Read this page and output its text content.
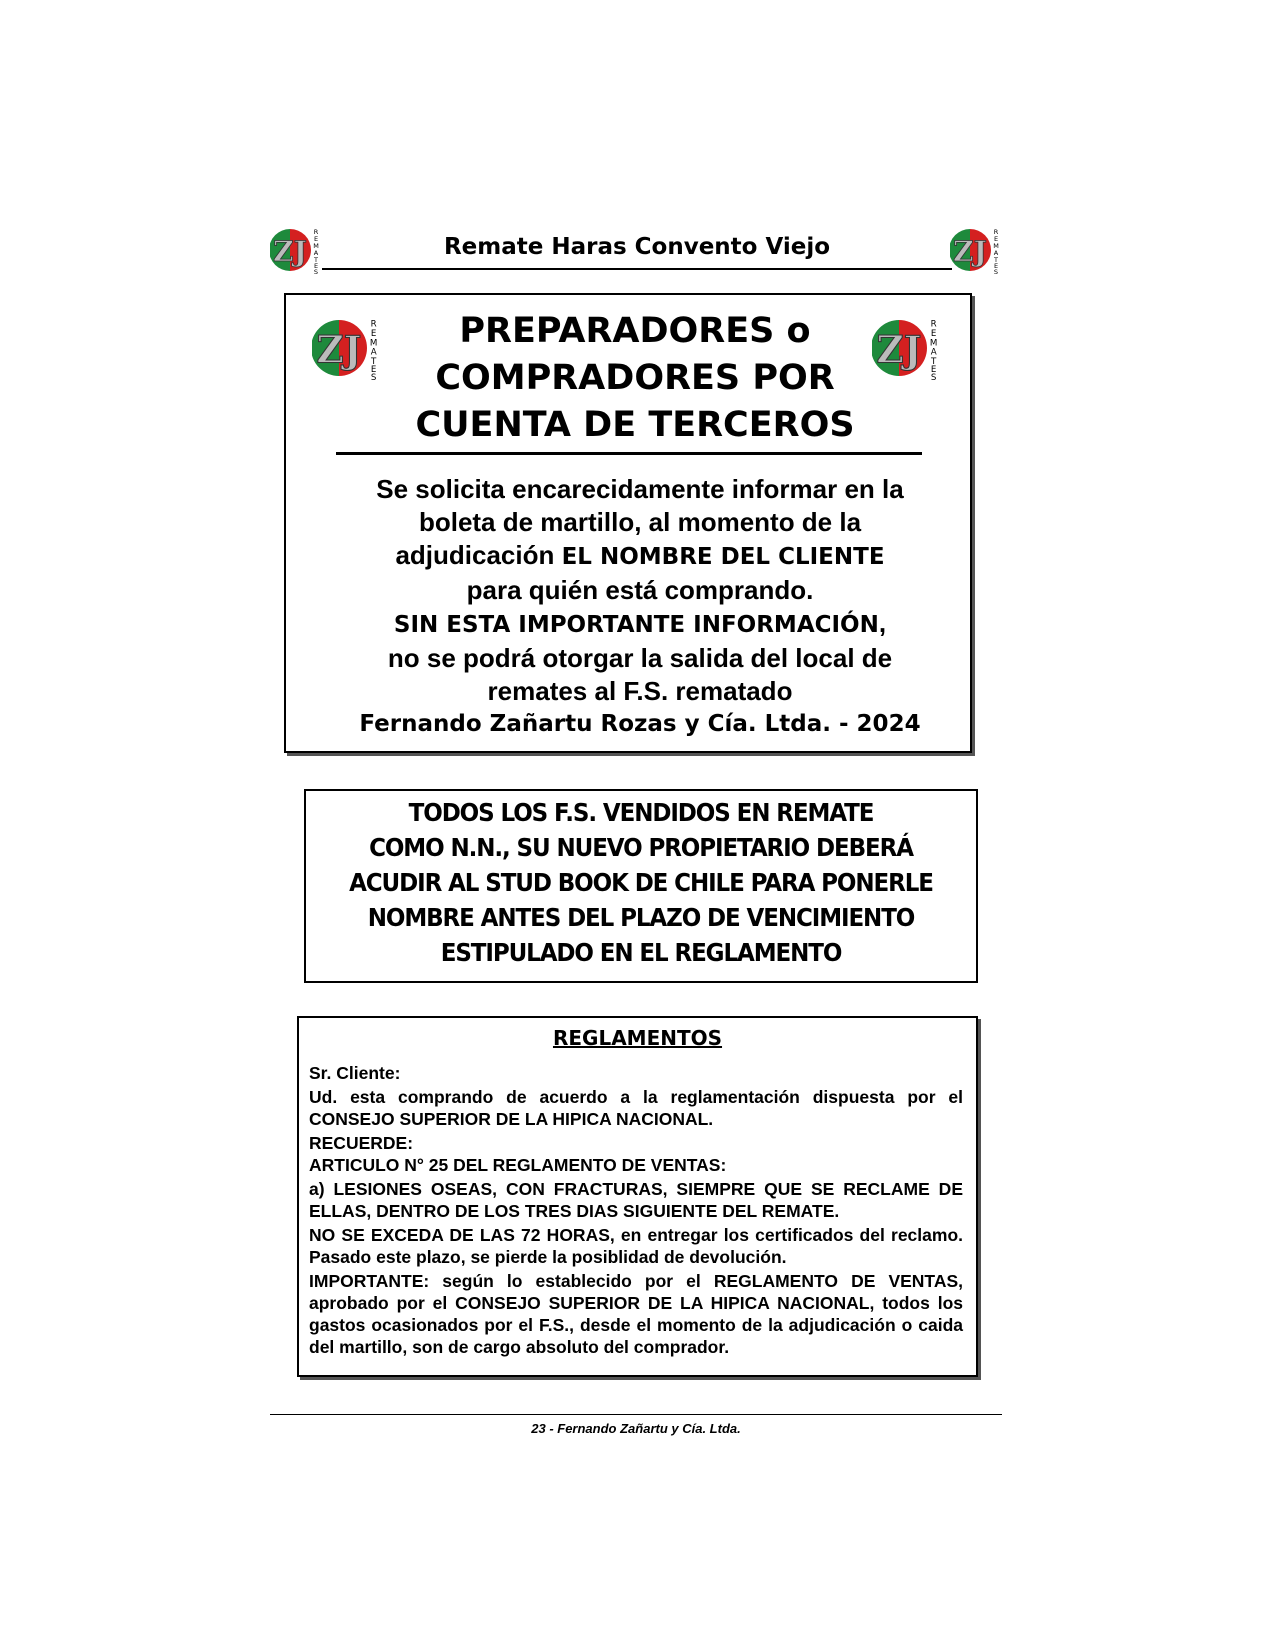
ZJ
R
E
M
A
T
E
S
ZJ
R
E
M
A
T
E
S
Remate Haras Convento Viejo
ZJ
R
E
M
A
T
E
S
ZJ
R
E
M
A
T
E
S
PREPARADORES o
COMPRADORES POR
CUENTA DE TERCEROS
Se solicita encarecidamente informar en la
boleta de martillo, al momento de la
adjudicación EL NOMBRE DEL CLIENTE
para quién está comprando.
SIN ESTA IMPORTANTE INFORMACIÓN,
no se podrá otorgar la salida del local de
remates al F.S. rematado
Fernando Zañartu Rozas y Cía. Ltda. - 2024
TODOS LOS F.S. VENDIDOS EN REMATE
COMO N.N., SU NUEVO PROPIETARIO DEBERÁ
ACUDIR AL STUD BOOK DE CHILE PARA PONERLE
NOMBRE ANTES DEL PLAZO DE VENCIMIENTO
ESTIPULADO EN EL REGLAMENTO
REGLAMENTOS

Sr. Cliente:

Ud. esta comprando de acuerdo a la reglamentación dispuesta por el CONSEJO SUPERIOR DE LA HIPICA NACIONAL.

RECUERDE:

ARTICULO N° 25 DEL REGLAMENTO DE VENTAS:

a) LESIONES OSEAS, CON FRACTURAS, SIEMPRE QUE SE RECLAME DE ELLAS, DENTRO DE LOS TRES DIAS SIGUIENTE DEL REMATE.

NO SE EXCEDA DE LAS 72 HORAS, en entregar los certificados del reclamo. Pasado este plazo, se pierde la posiblidad de devolución.

IMPORTANTE: según lo establecido por el REGLAMENTO DE VENTAS, aprobado por el CONSEJO SUPERIOR DE LA HIPICA NACIONAL, todos los gastos ocasionados por el F.S., desde el momento de la adjudicación o caida del martillo, son de cargo absoluto del comprador.

23 - Fernando Zañartu y Cía. Ltda.
